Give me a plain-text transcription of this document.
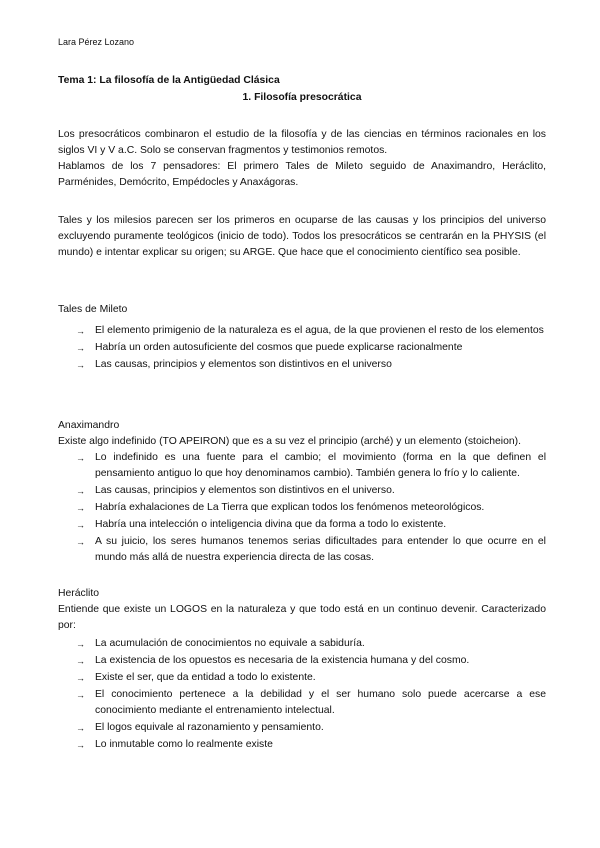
Lara Pérez Lozano
Tema 1: La filosofía de la Antigüedad Clásica
1. Filosofía presocrática
Los presocráticos combinaron el estudio de la filosofía y de las ciencias en términos racionales en los siglos VI y V a.C. Solo se conservan fragmentos y testimonios remotos.
Hablamos de los 7 pensadores: El primero Tales de Mileto seguido de Anaximandro, Heráclito, Parménides, Demócrito, Empédocles y Anaxágoras.
Tales y los milesios parecen ser los primeros en ocuparse de las causas y los principios del universo excluyendo puramente teológicos (inicio de todo). Todos los presocráticos se centrarán en la PHYSIS (el mundo) e intentar explicar su origen; su ARGE. Que hace que el conocimiento científico sea posible.
Tales de Mileto
→ El elemento primigenio de la naturaleza es el agua, de la que provienen el resto de los elementos
→ Habría un orden autosuficiente del cosmos que puede explicarse racionalmente
→ Las causas, principios y elementos son distintivos en el universo
Anaximandro
Existe algo indefinido (TO APEIRON) que es a su vez el principio (arché) y un elemento (stoicheion).
→ Lo indefinido es una fuente para el cambio; el movimiento (forma en la que definen el pensamiento antiguo lo que hoy denominamos cambio). También genera lo frío y lo caliente.
→ Las causas, principios y elementos son distintivos en el universo.
→ Habría exhalaciones de La Tierra que explican todos los fenómenos meteorológicos.
→ Habría una intelección o inteligencia divina que da forma a todo lo existente.
→ A su juicio, los seres humanos tenemos serias dificultades para entender lo que ocurre en el mundo más allá de nuestra experiencia directa de las cosas.
Heráclito
Entiende que existe un LOGOS en la naturaleza y que todo está en un continuo devenir. Caracterizado por:
→ La acumulación de conocimientos no equivale a sabiduría.
→ La existencia de los opuestos es necesaria de la existencia humana y del cosmo.
→ Existe el ser, que da entidad a todo lo existente.
→ El conocimiento pertenece a la debilidad y el ser humano solo puede acercarse a ese conocimiento mediante el entrenamiento intelectual.
→ El logos equivale al razonamiento y pensamiento.
→ Lo inmutable como lo realmente existe
